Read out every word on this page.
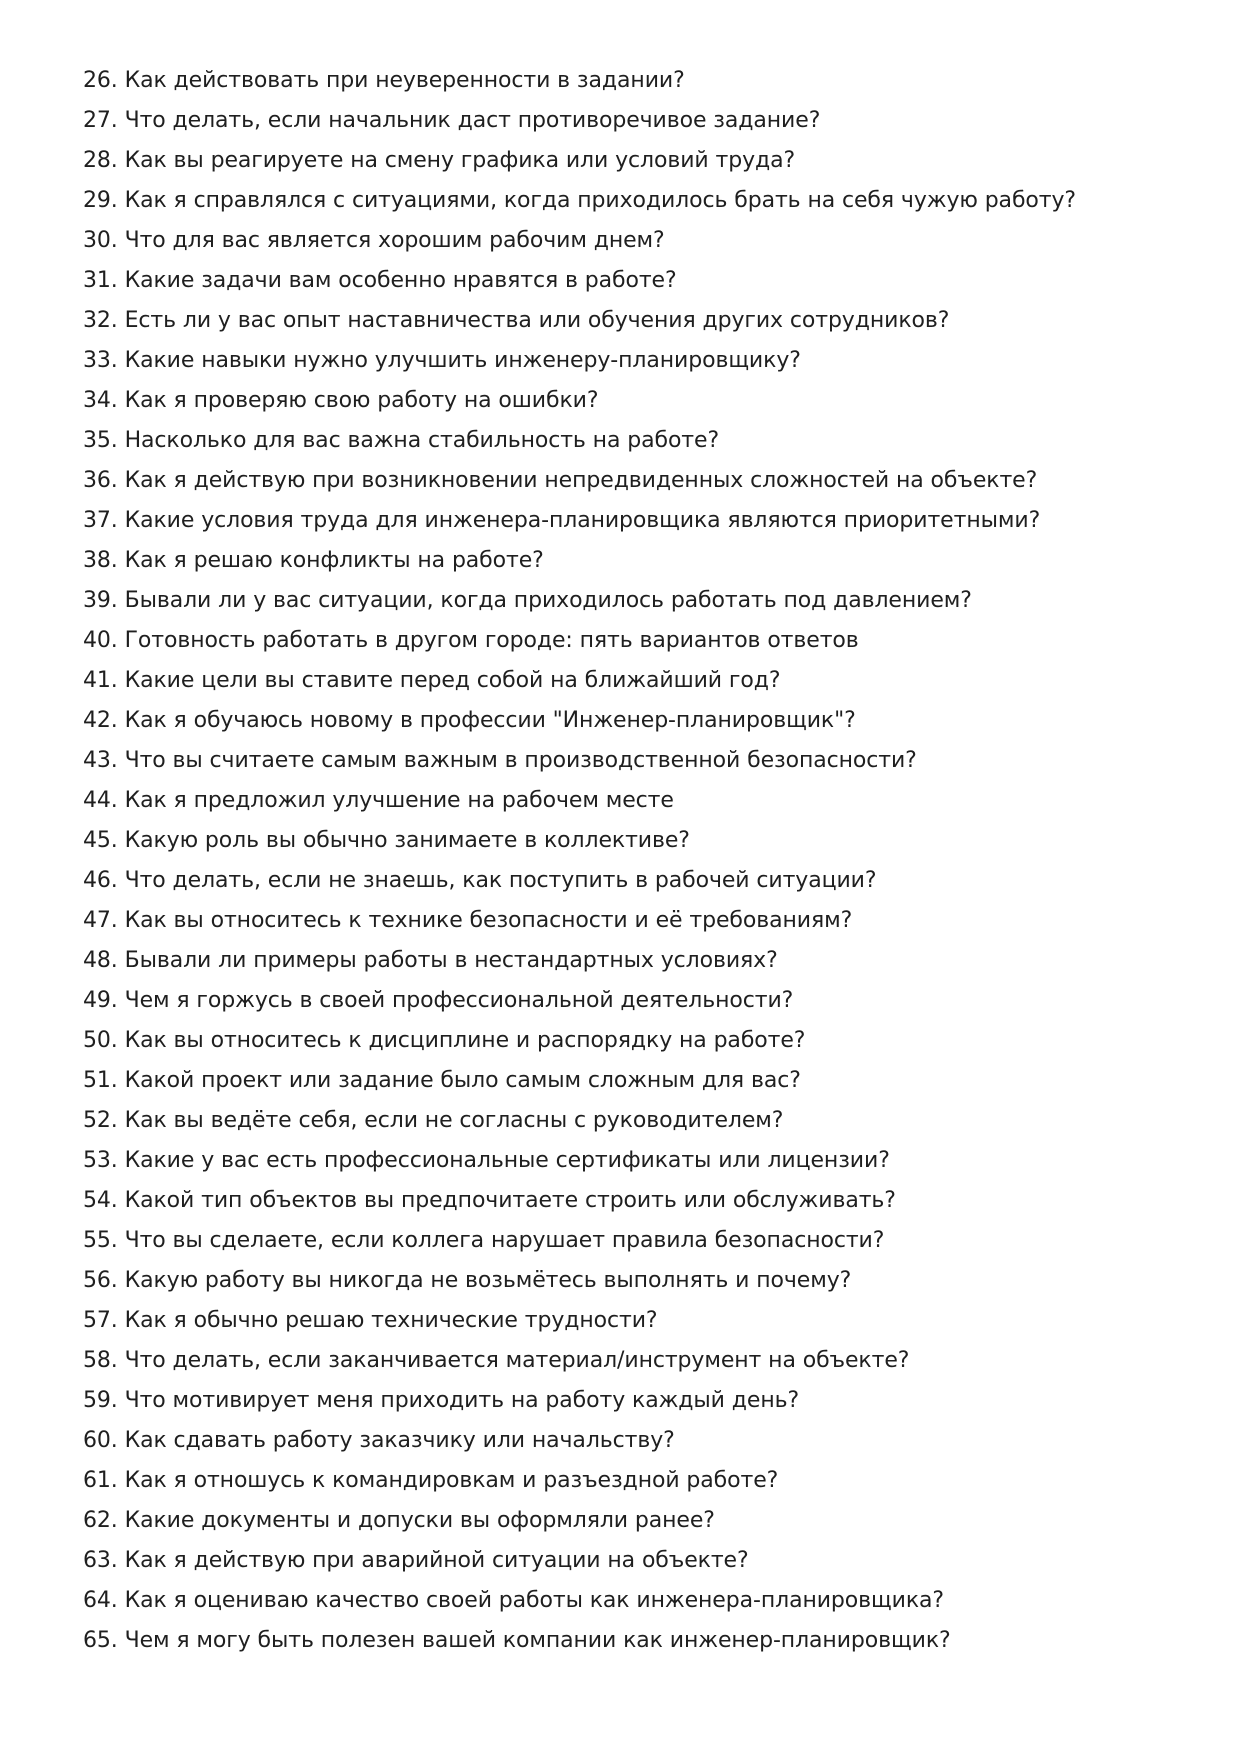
26. Как действовать при неуверенности в задании?
27. Что делать, если начальник даст противоречивое задание?
28. Как вы реагируете на смену графика или условий труда?
29. Как я справлялся с ситуациями, когда приходилось брать на себя чужую работу?
30. Что для вас является хорошим рабочим днем?
31. Какие задачи вам особенно нравятся в работе?
32. Есть ли у вас опыт наставничества или обучения других сотрудников?
33. Какие навыки нужно улучшить инженеру-планировщику?
34. Как я проверяю свою работу на ошибки?
35. Насколько для вас важна стабильность на работе?
36. Как я действую при возникновении непредвиденных сложностей на объекте?
37. Какие условия труда для инженера-планировщика являются приоритетными?
38. Как я решаю конфликты на работе?
39. Бывали ли у вас ситуации, когда приходилось работать под давлением?
40. Готовность работать в другом городе: пять вариантов ответов
41. Какие цели вы ставите перед собой на ближайший год?
42. Как я обучаюсь новому в профессии "Инженер-планировщик"?
43. Что вы считаете самым важным в производственной безопасности?
44. Как я предложил улучшение на рабочем месте
45. Какую роль вы обычно занимаете в коллективе?
46. Что делать, если не знаешь, как поступить в рабочей ситуации?
47. Как вы относитесь к технике безопасности и её требованиям?
48. Бывали ли примеры работы в нестандартных условиях?
49. Чем я горжусь в своей профессиональной деятельности?
50. Как вы относитесь к дисциплине и распорядку на работе?
51. Какой проект или задание было самым сложным для вас?
52. Как вы ведёте себя, если не согласны с руководителем?
53. Какие у вас есть профессиональные сертификаты или лицензии?
54. Какой тип объектов вы предпочитаете строить или обслуживать?
55. Что вы сделаете, если коллега нарушает правила безопасности?
56. Какую работу вы никогда не возьмётесь выполнять и почему?
57. Как я обычно решаю технические трудности?
58. Что делать, если заканчивается материал/инструмент на объекте?
59. Что мотивирует меня приходить на работу каждый день?
60. Как сдавать работу заказчику или начальству?
61. Как я отношусь к командировкам и разъездной работе?
62. Какие документы и допуски вы оформляли ранее?
63. Как я действую при аварийной ситуации на объекте?
64. Как я оцениваю качество своей работы как инженера-планировщика?
65. Чем я могу быть полезен вашей компании как инженер-планировщик?
